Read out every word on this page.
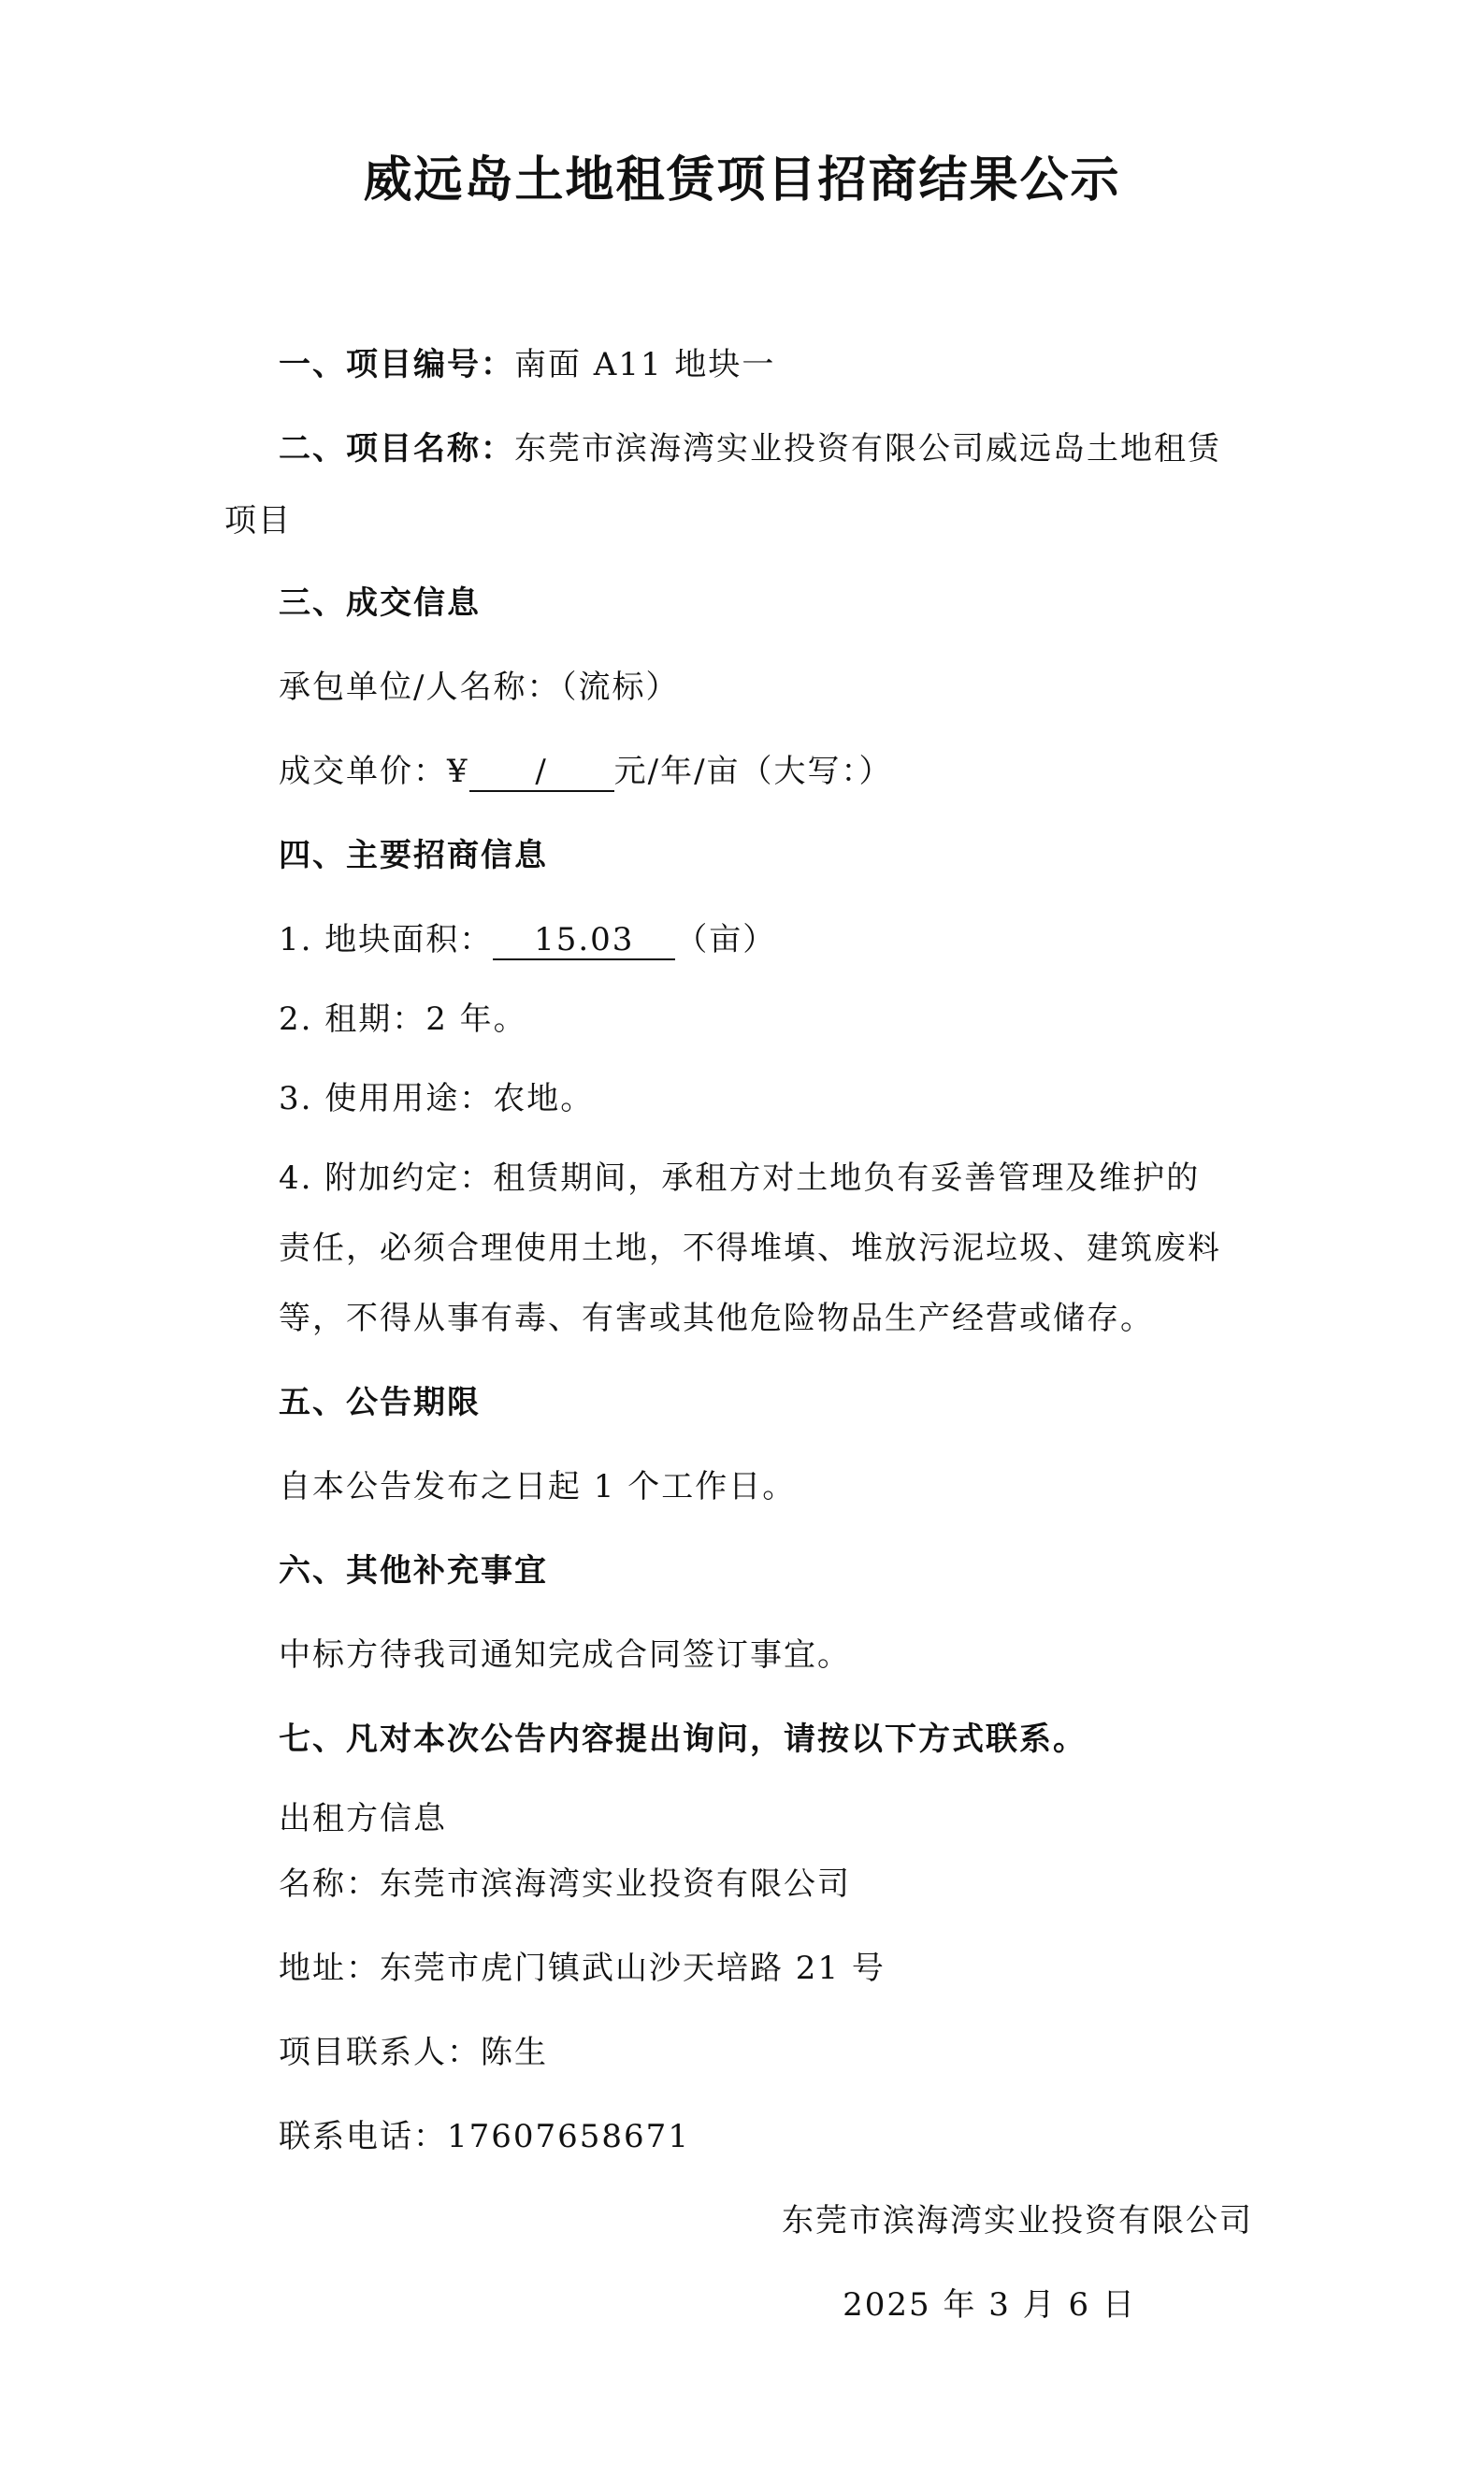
威远岛土地租赁项目招商结果公示
一、项目编号：南面 A11 地块一
二、项目名称：东莞市滨海湾实业投资有限公司威远岛土地租赁
项目
三、成交信息
承包单位/人名称：（流标）
成交单价：¥ / 元/年/亩（大写：）
四、主要招商信息
1. 地块面积： 15.03 （亩）
2. 租期：2 年。
3. 使用用途：农地。
4. 附加约定：租赁期间，承租方对土地负有妥善管理及维护的
责任，必须合理使用土地，不得堆填、堆放污泥垃圾、建筑废料
等，不得从事有毒、有害或其他危险物品生产经营或储存。
五、公告期限
自本公告发布之日起 1 个工作日。
六、其他补充事宜
中标方待我司通知完成合同签订事宜。
七、凡对本次公告内容提出询问，请按以下方式联系。
出租方信息
名称：东莞市滨海湾实业投资有限公司
地址：东莞市虎门镇武山沙天培路 21 号
项目联系人：陈生
联系电话：17607658671
东莞市滨海湾实业投资有限公司
2025 年 3 月 6 日
